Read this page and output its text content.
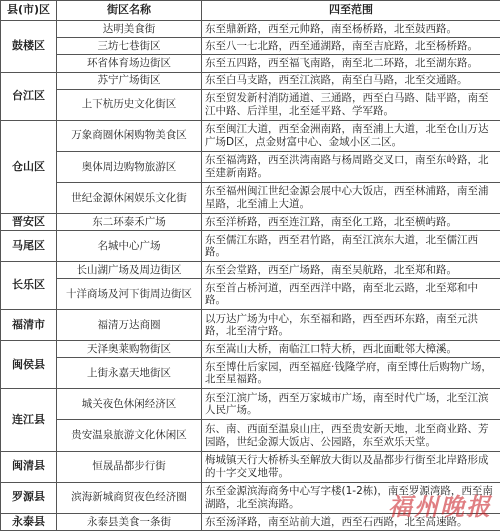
县(市)区	街区名称	四至范围
鼓楼区	达明美食街	东至鼎新路，西至元帅路，南至杨桥路，北至鼓西路。
	三坊七巷街区	东至八一七北路，西至通湖路，南至吉庇路，北至杨桥路。
	环省体育场边街区	东至五四路，西至福飞南路，南至北二环路，北至湖东路。
台江区	苏宁广场街区	东至白马支路，西至江滨路，南至白马路，北至交通路。
	上下杭历史文化街区	东至贸发新村消防通道、三通路，西至白马路、陆平路，南至江中路、后洋里，北至延平路、学军路。
仓山区	万象商圈休闲购物美食区	东至闽江大道，西至金洲南路，南至浦上大道，北至仓山万达广场D区，点金财富中心、金域小区二区。
	奥体周边购物旅游区	东至福湾路，西至洪湾南路与杨周路交叉口，南至东岭路，北至建新南路。
	世纪金源休闲娱乐文化街	东至福州闽江世纪金源会展中心大饭店，西至林浦路，南至浦星路，北至浦上大道。
晋安区	东二环泰禾广场	东至洋桥路，西至连江路，南至化工路，北至横屿路。
马尾区	名城中心广场	东至儒江东路，西至君竹路，南至江滨东大道，北至儒江西路。
长乐区	长山湖广场及周边街区	东至会堂路，西至广场路，南至吴航路，北至郑和路。
	十洋商场及河下街周边街区	东至首占桥河道，西至西洋中路，南至北云路，北至郑和中路。
福清市	福清万达商圈	以万达广场为中心，东至福和路，西至西环东路，南至元洪路，北至清宁路。
闽侯县	天泽奥莱购物街区	东至嵩山大桥，南临江口特大桥，西北面毗邻大樟溪。
	上街永嘉天地街区	东至博仕后家园，西至福庭·钱隆学府，南至博仕后购物广场，北至星福路。
连江县	城关夜色休闲经济区	东至江滨广场，西至万家城市广场，南至时代广场，北至江滨人民广场。
	贵安温泉旅游文化休闲区	东、南、西面至温泉山庄，西至贵安新天地，北至商业路、芳园路，世纪金源大饭店、公园路，东至欢乐天堂。
闽清县	恒晟晶都步行街	梅城镇天行大桥桥头至解放大街以及晶都步行街至北岸路形成的十字交叉地带。
罗源县	滨海新城商贸夜色经济圈	东至金源滨海商务中心写字楼(1-2栋)，南至罗源湾路，西至南湖路，北至滨海路。
永泰县	永泰县美食一条街	东至汤泽路，南至站前大道，西至石西路，北至高速路。
福州晚报
